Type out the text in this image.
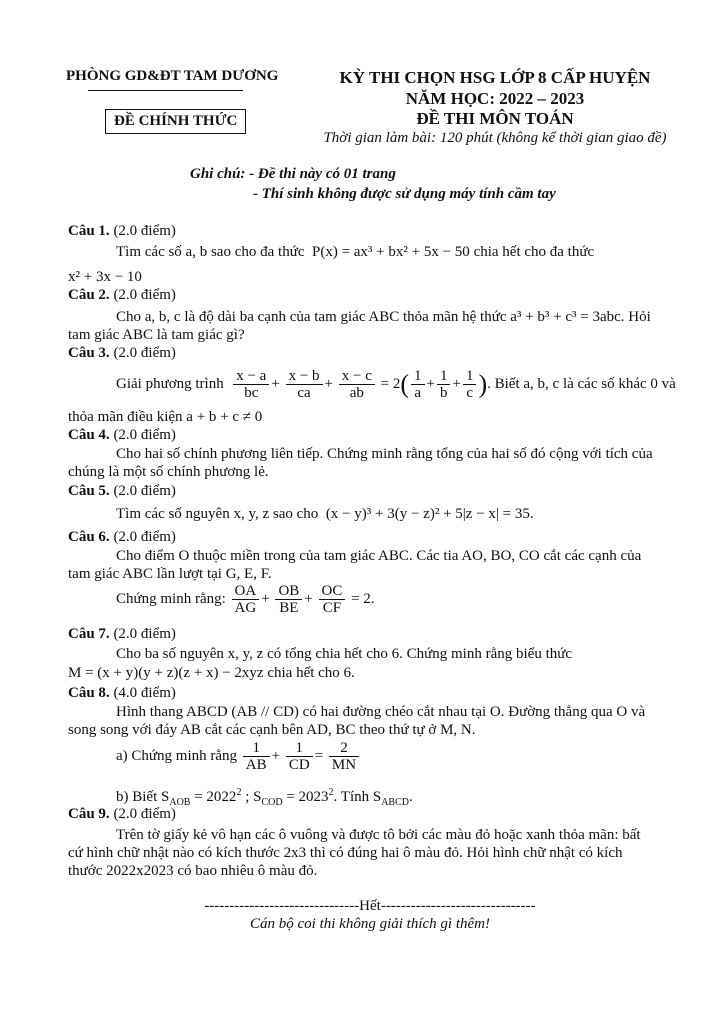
PHÒNG GD&ĐT TAM DƯƠNG
ĐỀ CHÍNH THỨC
KỲ THI CHỌN HSG LỚP 8 CẤP HUYỆN
NĂM HỌC: 2022 – 2023
ĐỀ THI MÔN TOÁN
Thời gian làm bài: 120 phút (không kể thời gian giao đề)
Ghi chú: - Đề thi này có 01 trang
- Thí sinh không được sử dụng máy tính cầm tay
Câu 1. (2.0 điểm)
Tìm các số a, b sao cho đa thức P(x) = ax³ + bx² + 5x − 50 chia hết cho đa thức
x² + 3x − 10
Câu 2. (2.0 điểm)
Cho a, b, c là độ dài ba cạnh của tam giác ABC thỏa mãn hệ thức a³ + b³ + c³ = 3abc. Hỏi
tam giác ABC là tam giác gì?
Câu 3. (2.0 điểm)
Giải phương trình $\frac{x - a}{bc} + \frac{x - b}{ca} + \frac{x - c}{ab} = 2( \frac{1}{a} + \frac{1}{b} + \frac{1}{c}$ ). Biết a, b, c là các số khác 0 và
thỏa mãn điều kiện a + b + c ≠ 0
Câu 4. (2.0 điểm)
Cho hai số chính phương liên tiếp. Chứng minh rằng tổng của hai số đó cộng với tích của
chúng là một số chính phương lẻ.
Câu 5. (2.0 điểm)
Tìm các số nguyên x, y, z sao cho (x − y)³ + 3(y − z)² + 5|z − x| = 35.
Câu 6. (2.0 điểm)
Cho điểm O thuộc miền trong của tam giác ABC. Các tia AO, BO, CO cắt các cạnh của
tam giác ABC lần lượt tại G, E, F.
Chứng minh rằng: $\frac{OA}{AG} + \frac{OB}{BE} + \frac{OC}{CF} = 2$.
Câu 7. (2.0 điểm)
Cho ba số nguyên x, y, z có tổng chia hết cho 6. Chứng minh rằng biểu thức
M = (x + y)(y + z)(z + x) − 2xyz chia hết cho 6.
Câu 8. (4.0 điểm)
Hình thang ABCD (AB // CD) có hai đường chéo cắt nhau tại O. Đường thẳng qua O và
song song với đáy AB cắt các cạnh bên AD, BC theo thứ tự ở M, N.
a) Chứng minh rằng $\frac{1}{AB} + \frac{1}{CD} = \frac{2}{MN}$
b) Biết $S_{AOB} = 2022^2$ ; $S_{COD} = 2023^2$. Tính $S_{ABCD}$.
Câu 9. (2.0 điểm)
Trên tờ giấy kẻ vô hạn các ô vuông và được tô bởi các màu đỏ hoặc xanh thỏa mãn: bất
cứ hình chữ nhật nào có kích thước 2x3 thì có đúng hai ô màu đỏ. Hỏi hình chữ nhật có kích
thước 2022x2023 có bao nhiêu ô màu đỏ.
-------------------------------Hết-------------------------------
Cán bộ coi thi không giải thích gì thêm!
